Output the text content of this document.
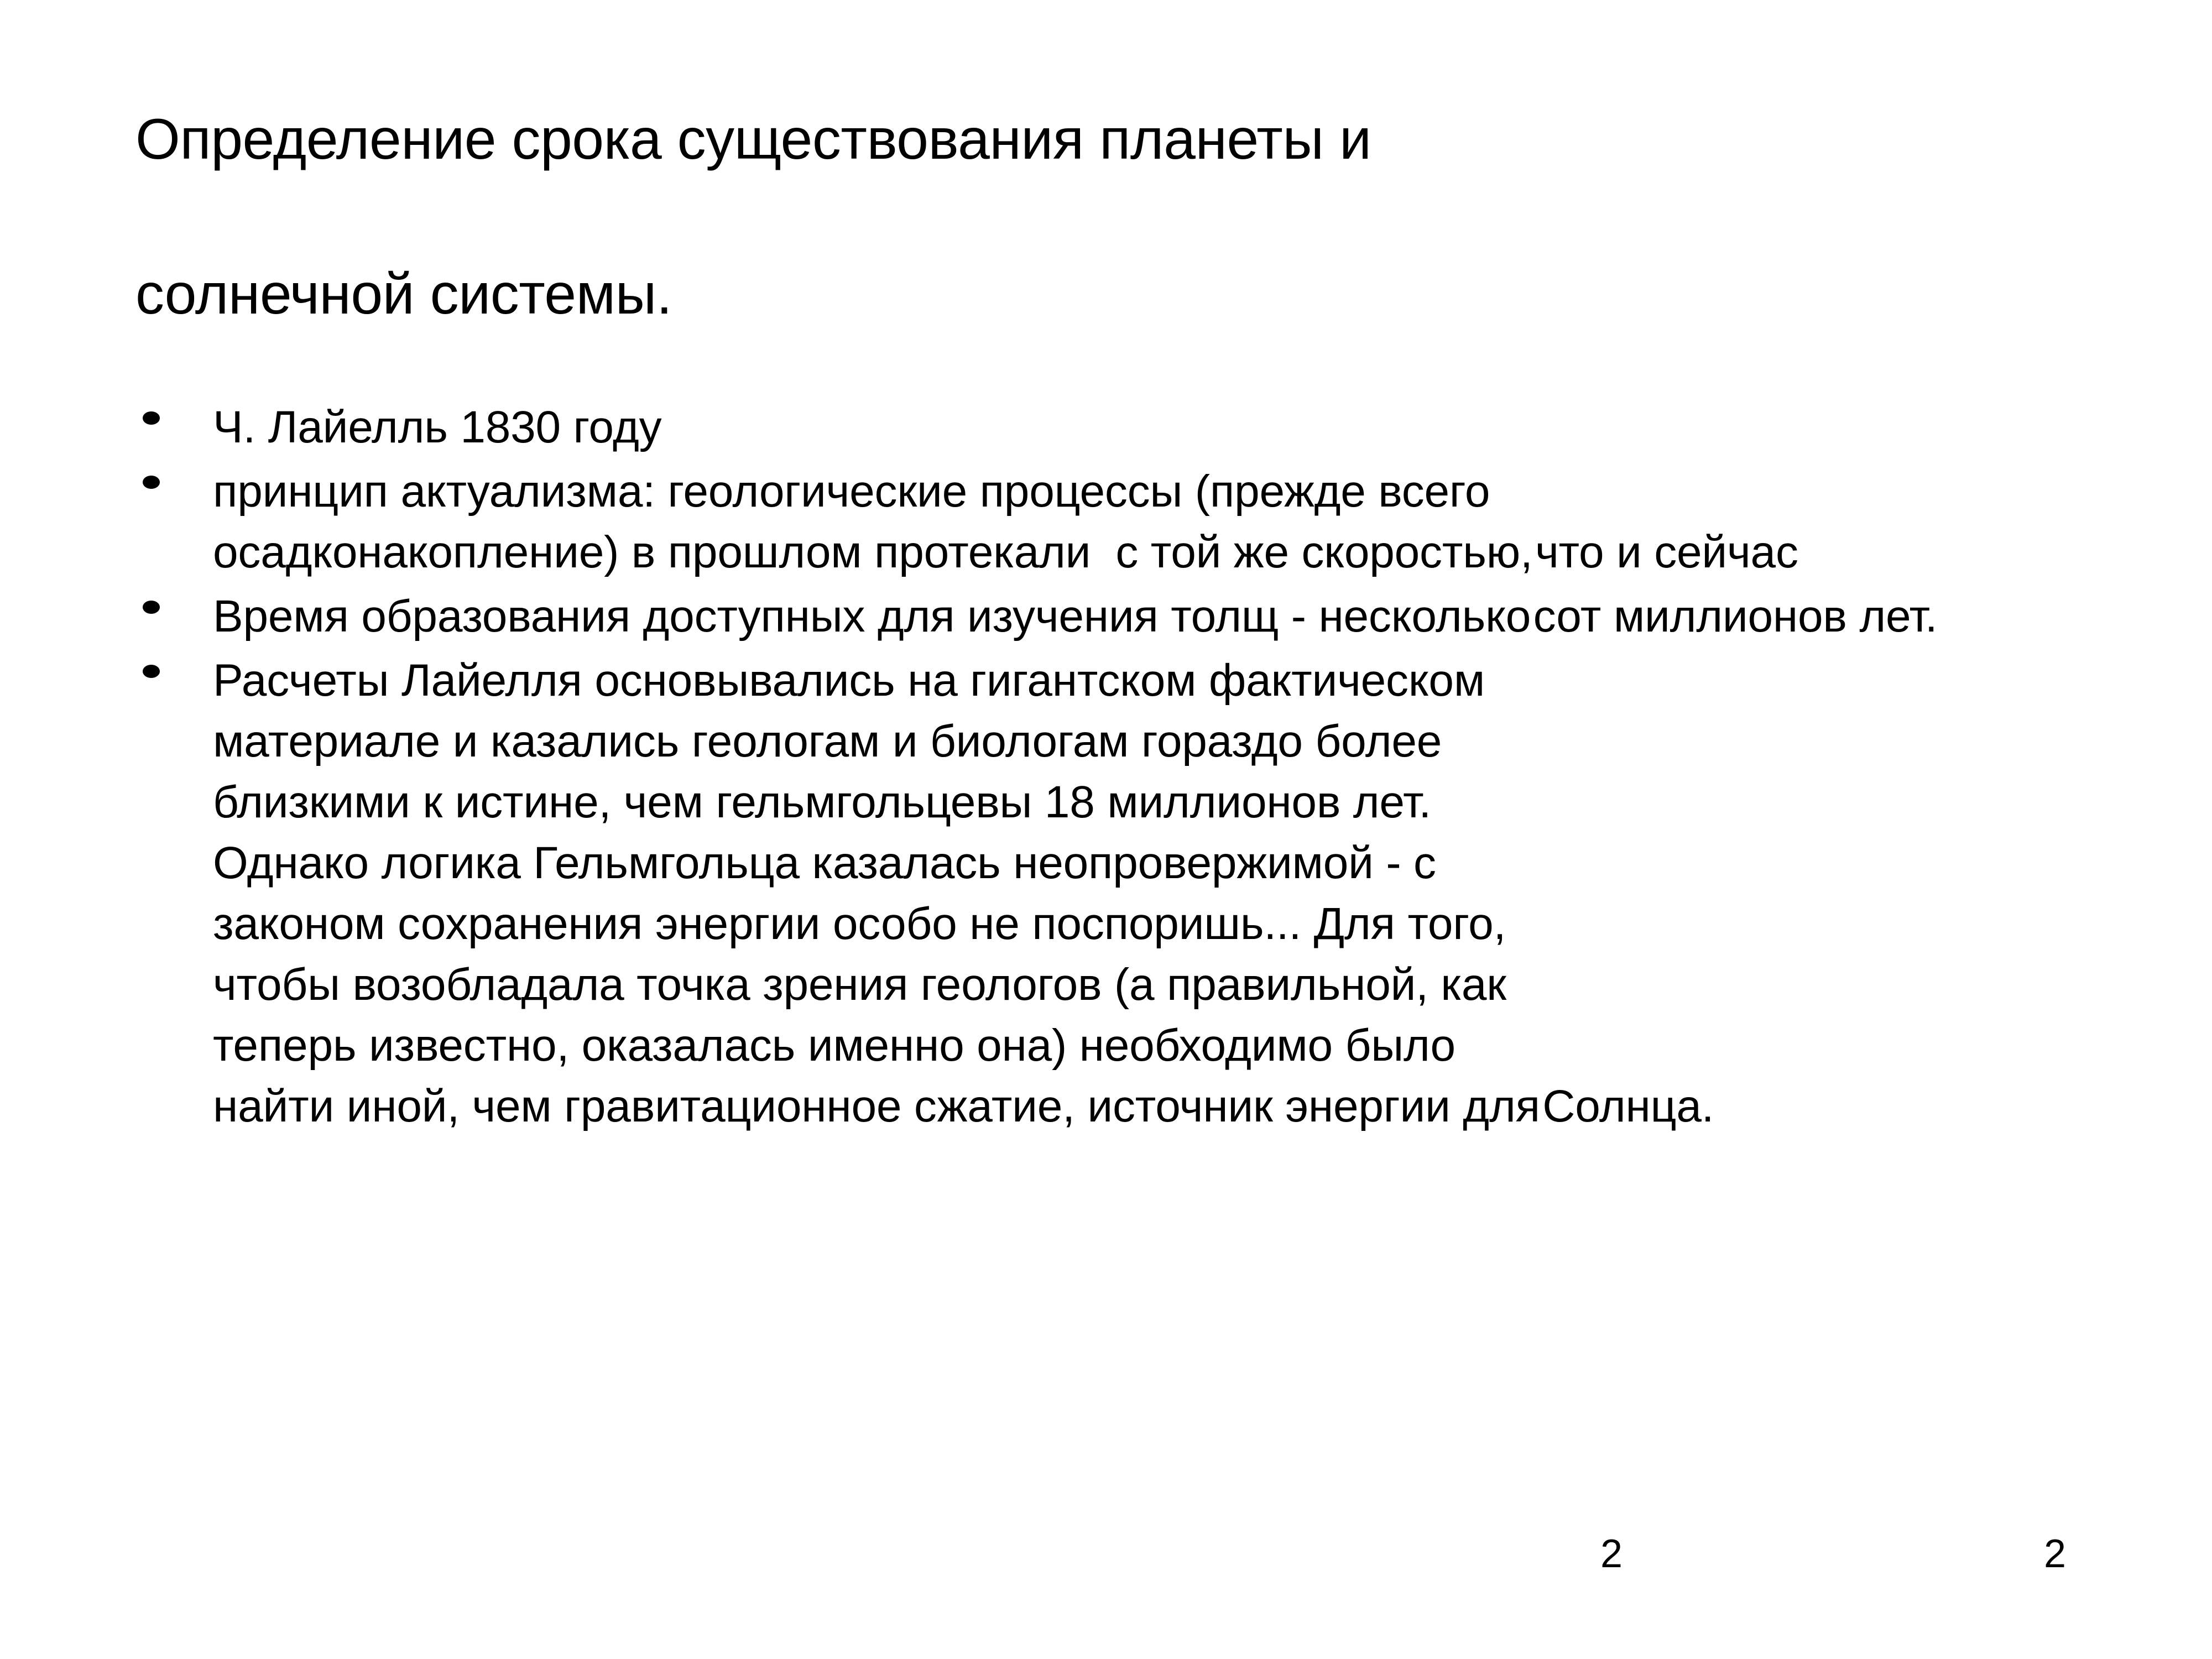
Определение срока существования планеты и
солнечной системы.
Ч. Лайелль 1830 году
принцип актуализма: геологические процессы (прежде всего осадконакопление) в прошлом протекали  с той же скоростью, что и сейчас
Время образования доступных для изучения толщ - несколько сот миллионов лет.
Расчеты Лайелля основывались на гигантском фактическом материале и казались геологам и биологам гораздо более близкими к истине, чем гельмгольцевы 18 миллионов лет. Однако логика Гельмгольца казалась неопровержимой - с законом сохранения энергии особо не поспоришь... Для того, чтобы возобладала точка зрения геологов (а правильной, как теперь известно, оказалась именно она) необходимо было найти иной, чем гравитационное сжатие, источник энергии для Солнца.
2	2
